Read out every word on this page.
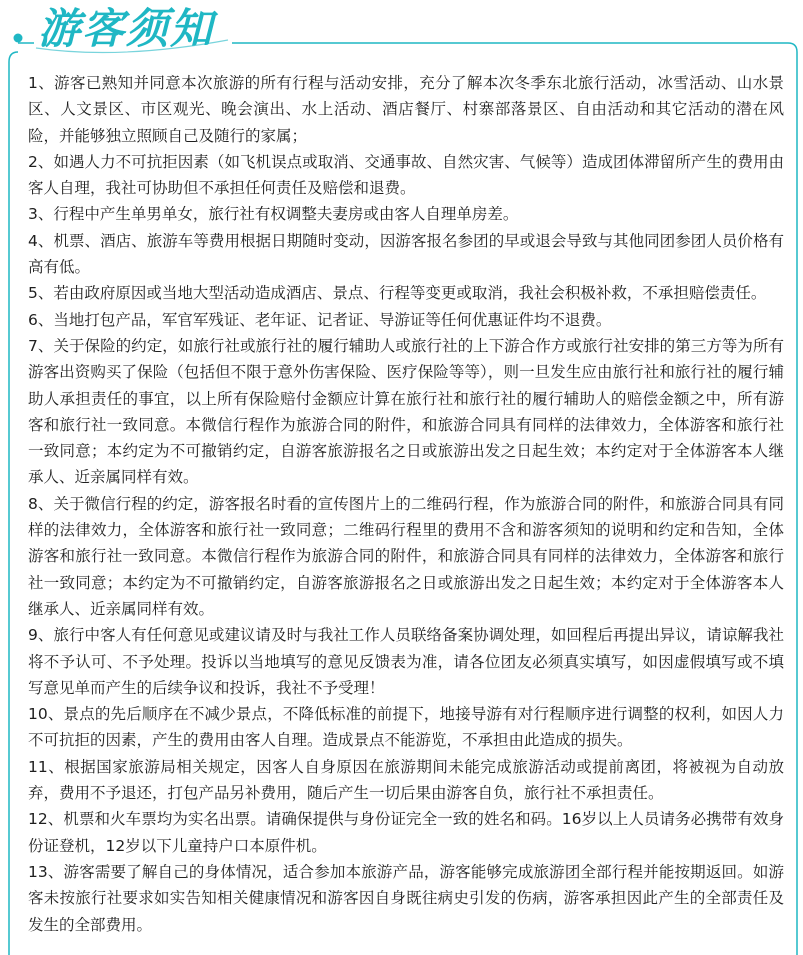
游客须知

1、游客已熟知并同意本次旅游的所有行程与活动安排，充分了解本次冬季东北旅行活动，冰雪活动、山水景区、人文景区、市区观光、晚会演出、水上活动、酒店餐厅、村寨部落景区、自由活动和其它活动的潜在风险，并能够独立照顾自己及随行的家属；

2、如遇人力不可抗拒因素（如飞机误点或取消、交通事故、自然灾害、气候等）造成团体滞留所产生的费用由客人自理，我社可协助但不承担任何责任及赔偿和退费。

3、行程中产生单男单女，旅行社有权调整夫妻房或由客人自理单房差。

4、机票、酒店、旅游车等费用根据日期随时变动，因游客报名参团的早或退会导致与其他同团参团人员价格有高有低。

5、若由政府原因或当地大型活动造成酒店、景点、行程等变更或取消，我社会积极补救，不承担赔偿责任。

6、当地打包产品，军官军残证、老年证、记者证、导游证等任何优惠证件均不退费。

7、关于保险的约定，如旅行社或旅行社的履行辅助人或旅行社的上下游合作方或旅行社安排的第三方等为所有游客出资购买了保险（包括但不限于意外伤害保险、医疗保险等等），则一旦发生应由旅行社和旅行社的履行辅助人承担责任的事宜，以上所有保险赔付金额应计算在旅行社和旅行社的履行辅助人的赔偿金额之中，所有游客和旅行社一致同意。本微信行程作为旅游合同的附件，和旅游合同具有同样的法律效力，全体游客和旅行社一致同意；本约定为不可撤销约定，自游客旅游报名之日或旅游出发之日起生效；本约定对于全体游客本人继承人、近亲属同样有效。

8、关于微信行程的约定，游客报名时看的宣传图片上的二维码行程，作为旅游合同的附件，和旅游合同具有同样的法律效力，全体游客和旅行社一致同意；二维码行程里的费用不含和游客须知的说明和约定和告知，全体游客和旅行社一致同意。本微信行程作为旅游合同的附件，和旅游合同具有同样的法律效力，全体游客和旅行社一致同意；本约定为不可撤销约定，自游客旅游报名之日或旅游出发之日起生效；本约定对于全体游客本人继承人、近亲属同样有效。

9、旅行中客人有任何意见或建议请及时与我社工作人员联络备案协调处理，如回程后再提出异议，请谅解我社将不予认可、不予处理。投诉以当地填写的意见反馈表为准，请各位团友必须真实填写，如因虚假填写或不填写意见单而产生的后续争议和投诉，我社不予受理！

10、景点的先后顺序在不减少景点，不降低标准的前提下，地接导游有对行程顺序进行调整的权利，如因人力不可抗拒的因素，产生的费用由客人自理。造成景点不能游览，不承担由此造成的损失。

11、根据国家旅游局相关规定，因客人自身原因在旅游期间未能完成旅游活动或提前离团，将被视为自动放弃，费用不予退还，打包产品另补费用，随后产生一切后果由游客自负，旅行社不承担责任。

12、机票和火车票均为实名出票。请确保提供与身份证完全一致的姓名和码。16岁以上人员请务必携带有效身份证登机，12岁以下儿童持户口本原件机。

13、游客需要了解自己的身体情况，适合参加本旅游产品，游客能够完成旅游团全部行程并能按期返回。如游客未按旅行社要求如实告知相关健康情况和游客因自身既往病史引发的伤病，游客承担因此产生的全部责任及发生的全部费用。
